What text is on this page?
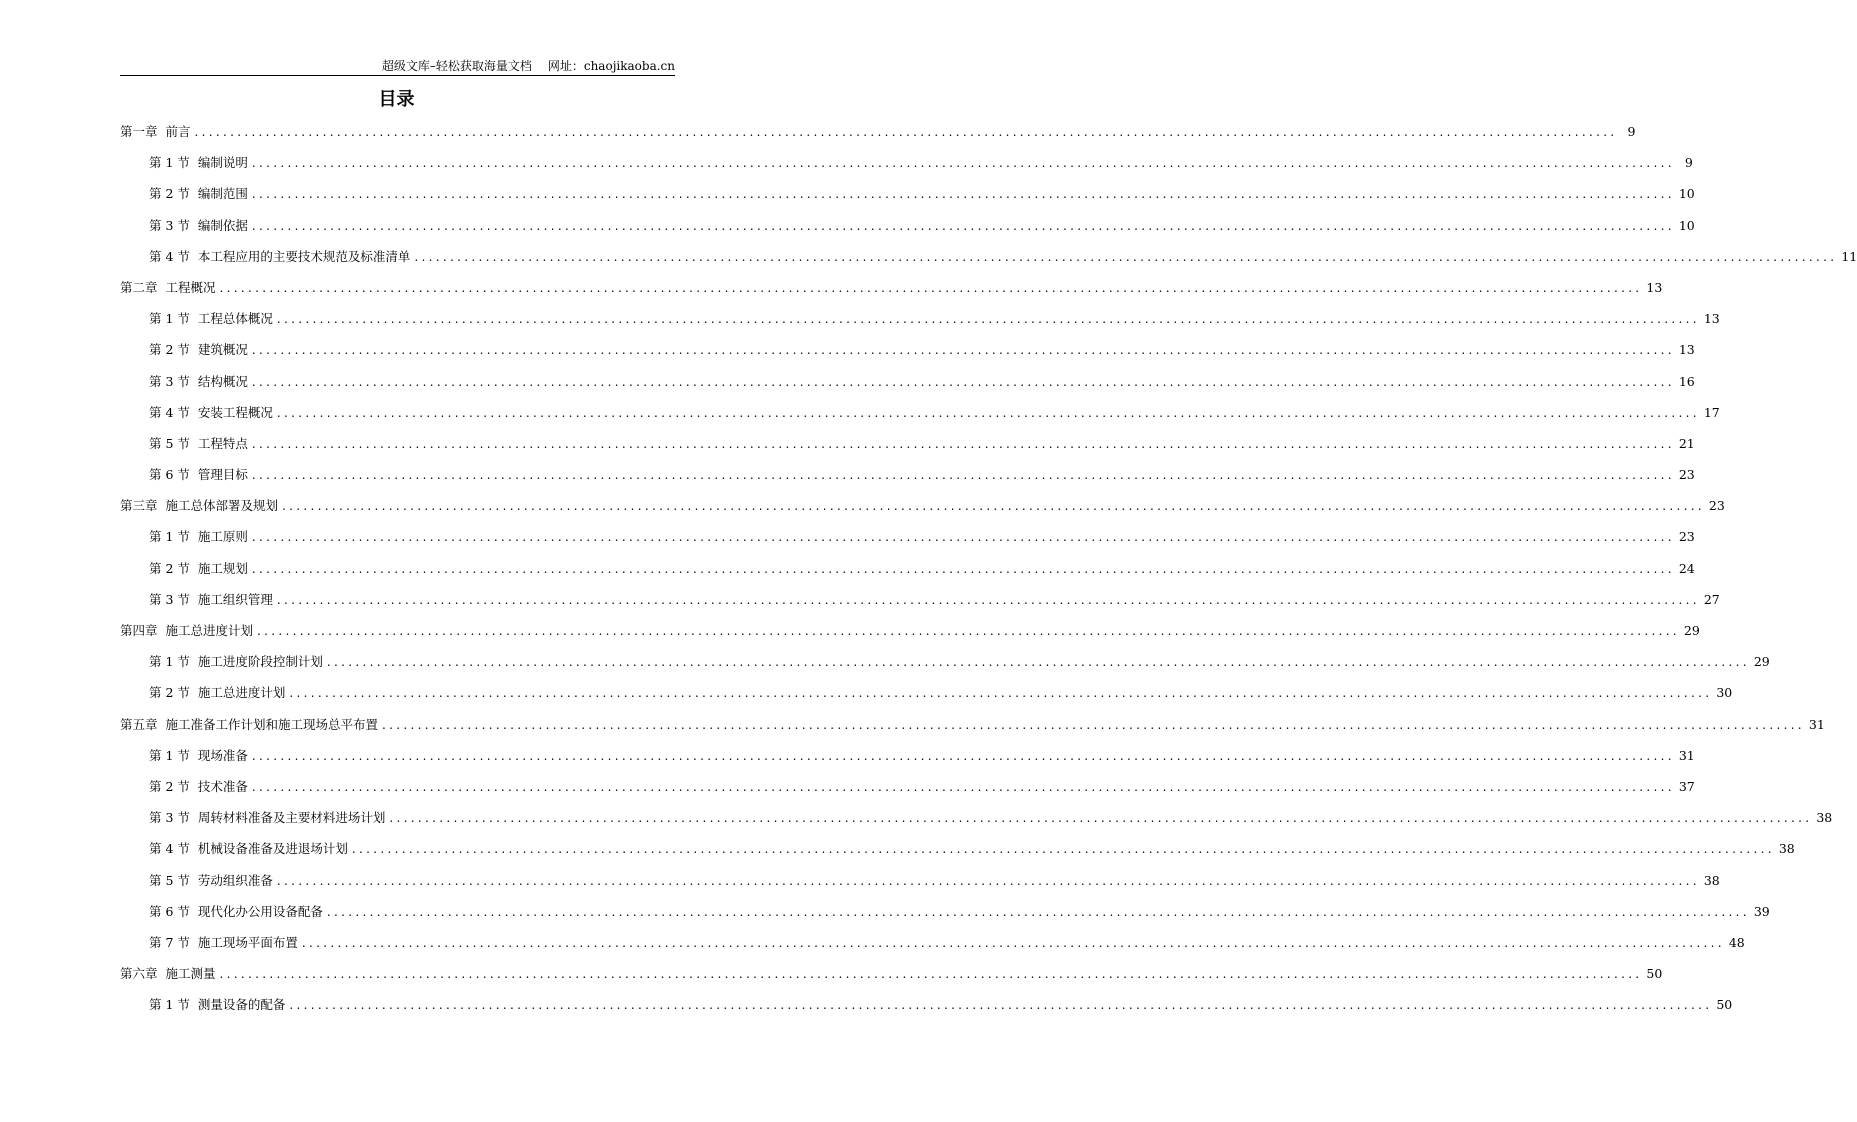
超级文库–轻松获取海量文档 网址：chaojikaoba.cn
目录
第一章 前言 ........................................................................................................................................................................................................ 9
第 1 节 编制说明 ........................................................................................................................................................................................................ 9
第 2 节 编制范围 ........................................................................................................................................................................................................ 10
第 3 节 编制依据 ........................................................................................................................................................................................................ 10
第 4 节 本工程应用的主要技术规范及标准清单 ........................................................................................................................................................................................................ 11
第二章 工程概况 ........................................................................................................................................................................................................ 13
第 1 节 工程总体概况 ........................................................................................................................................................................................................ 13
第 2 节 建筑概况 ........................................................................................................................................................................................................ 13
第 3 节 结构概况 ........................................................................................................................................................................................................ 16
第 4 节 安装工程概况 ........................................................................................................................................................................................................ 17
第 5 节 工程特点 ........................................................................................................................................................................................................ 21
第 6 节 管理目标 ........................................................................................................................................................................................................ 23
第三章 施工总体部署及规划 ........................................................................................................................................................................................................ 23
第 1 节 施工原则 ........................................................................................................................................................................................................ 23
第 2 节 施工规划 ........................................................................................................................................................................................................ 24
第 3 节 施工组织管理 ........................................................................................................................................................................................................ 27
第四章 施工总进度计划 ........................................................................................................................................................................................................ 29
第 1 节 施工进度阶段控制计划 ........................................................................................................................................................................................................ 29
第 2 节 施工总进度计划 ........................................................................................................................................................................................................ 30
第五章 施工准备工作计划和施工现场总平布置 ........................................................................................................................................................................................................ 31
第 1 节 现场准备 ........................................................................................................................................................................................................ 31
第 2 节 技术准备 ........................................................................................................................................................................................................ 37
第 3 节 周转材料准备及主要材料进场计划 ........................................................................................................................................................................................................ 38
第 4 节 机械设备准备及进退场计划 ........................................................................................................................................................................................................ 38
第 5 节 劳动组织准备 ........................................................................................................................................................................................................ 38
第 6 节 现代化办公用设备配备 ........................................................................................................................................................................................................ 39
第 7 节 施工现场平面布置 ........................................................................................................................................................................................................ 48
第六章 施工测量 ........................................................................................................................................................................................................ 50
第 1 节 测量设备的配备 ........................................................................................................................................................................................................ 50
